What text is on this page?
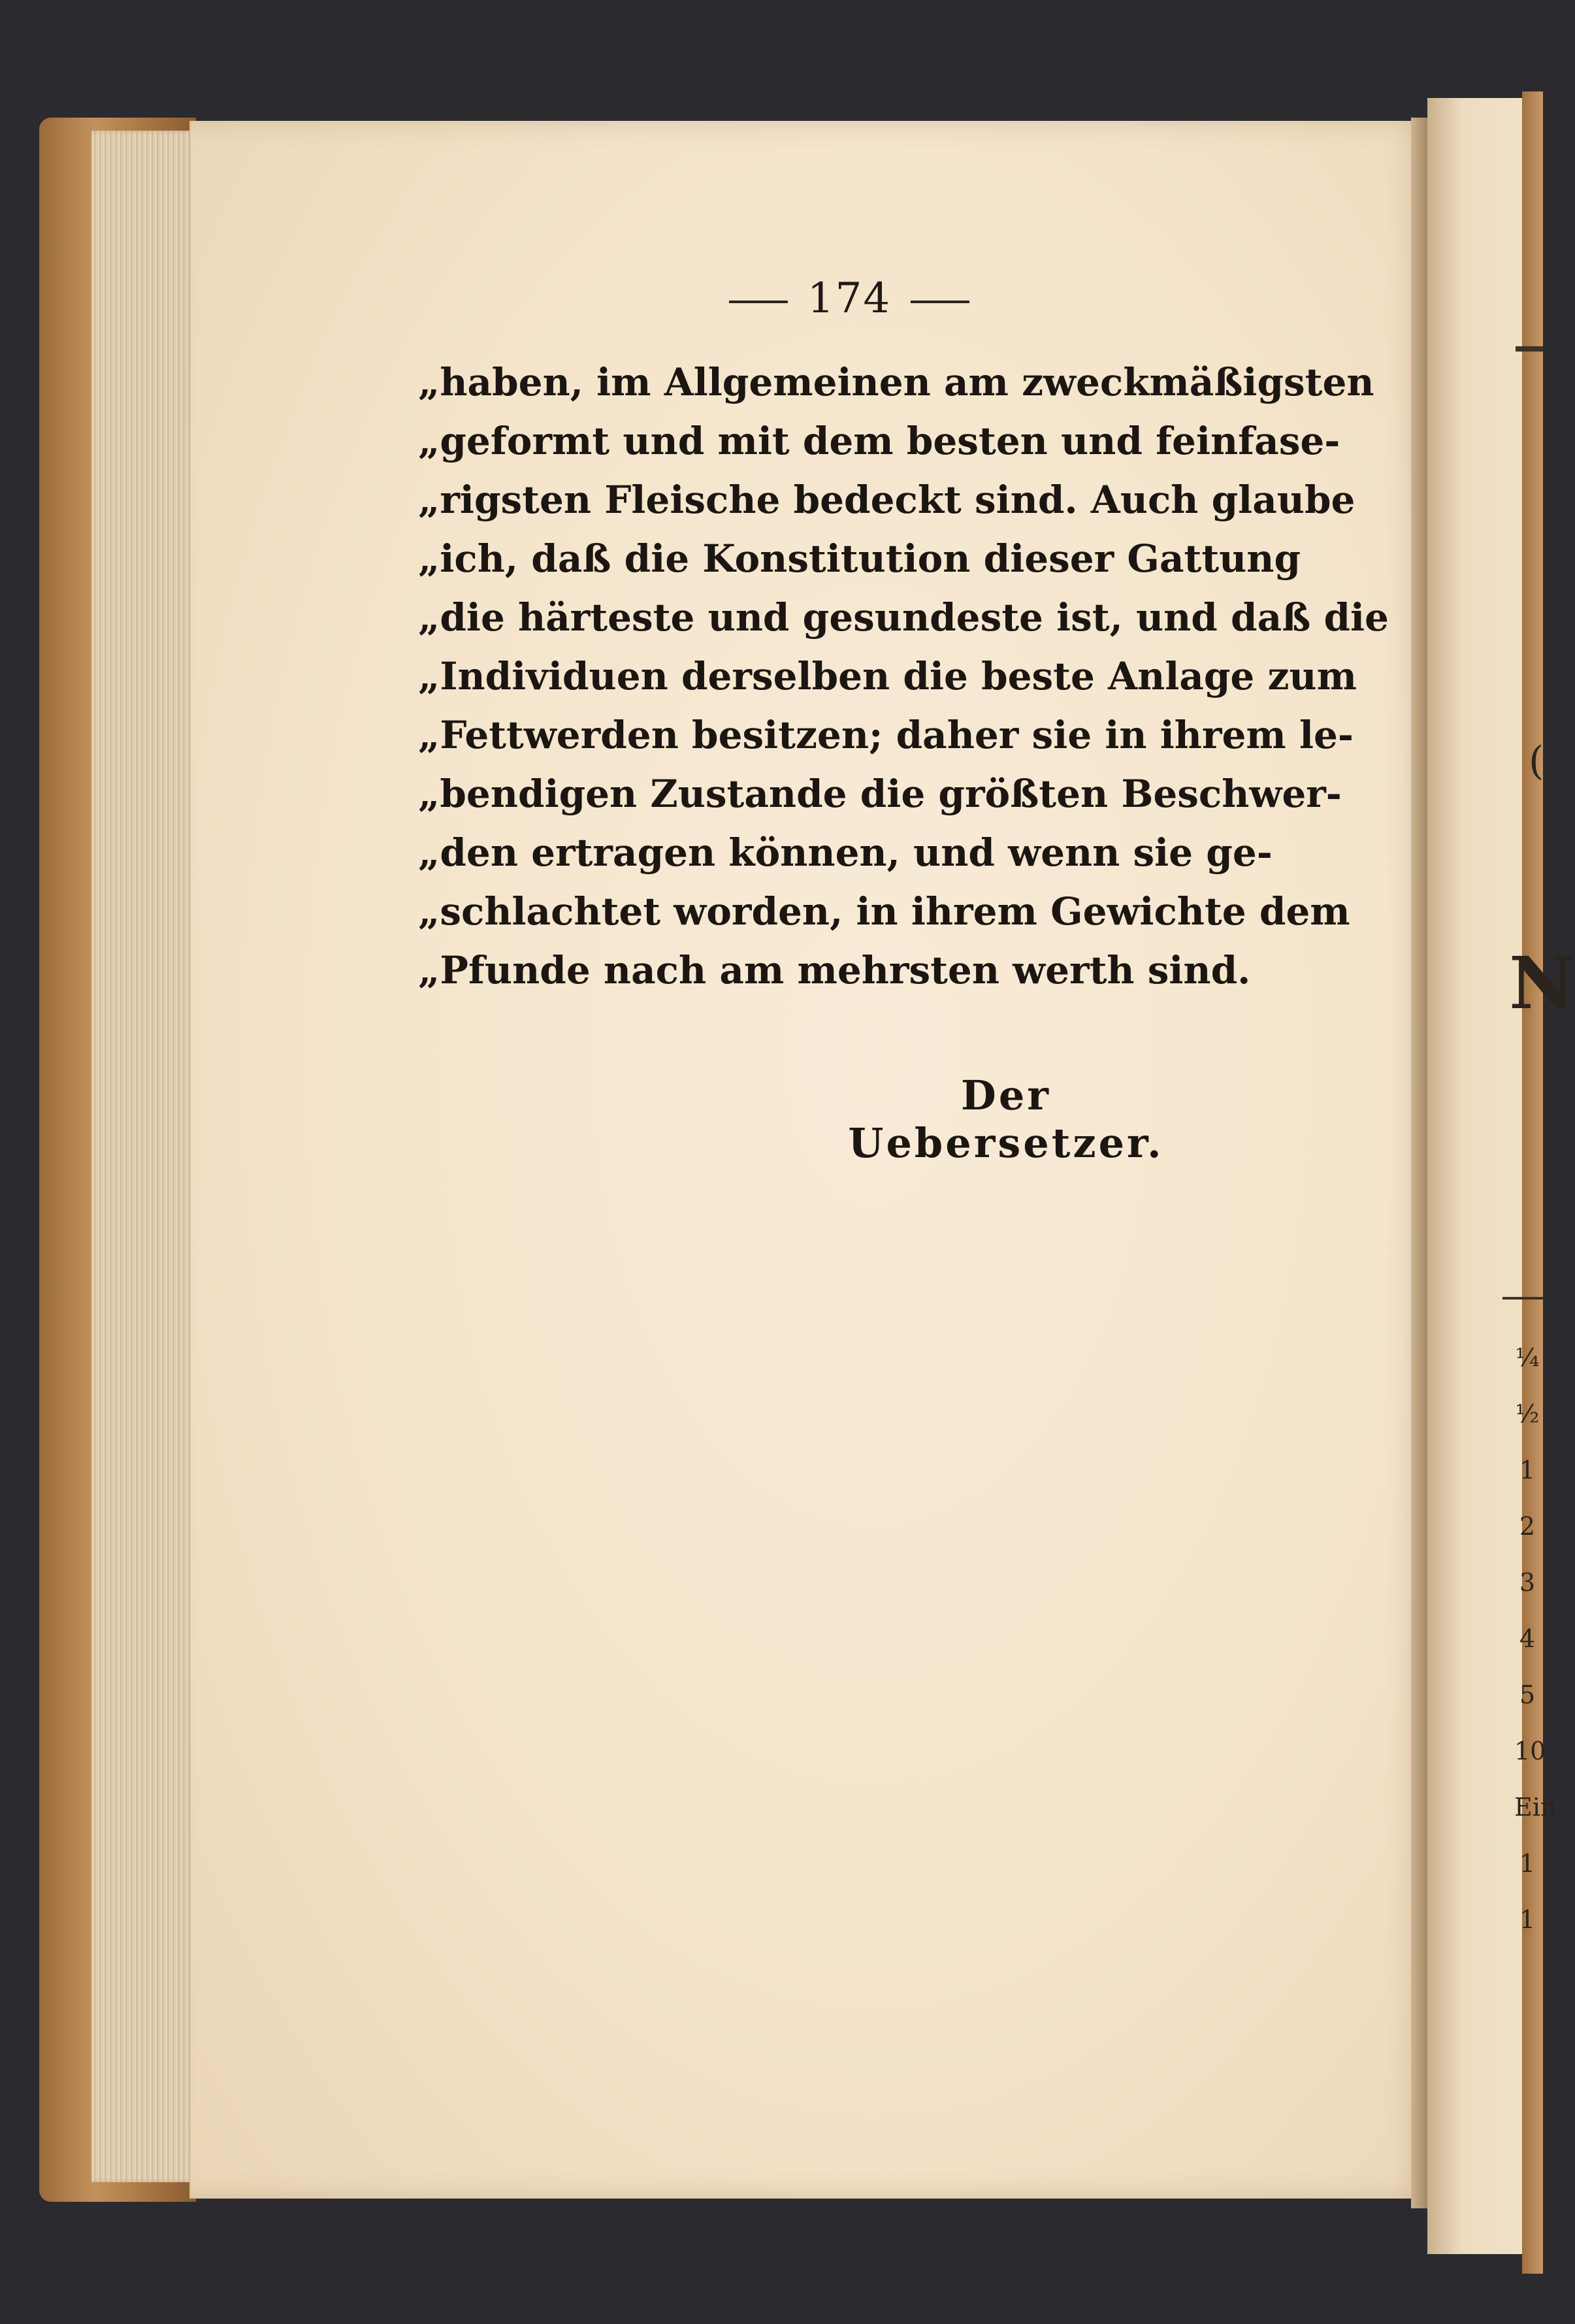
174
„haben, im Allgemeinen am zweckmäßigsten
„geformt und mit dem besten und feinfase-
„rigsten Fleische bedeckt sind. Auch glaube
„ich, daß die Konstitution dieser Gattung
„die härteste und gesundeste ist, und daß die
„Individuen derselben die beste Anlage zum
„Fettwerden besitzen; daher sie in ihrem le-
„bendigen Zustande die größten Beschwer-
„den ertragen können, und wenn sie ge-
„schlachtet worden, in ihrem Gewichte dem
„Pfunde nach am mehrsten werth sind.
Der Uebersetzer.
(
N
¼
½
1
2
3
4
5
10
Ein
1
1
